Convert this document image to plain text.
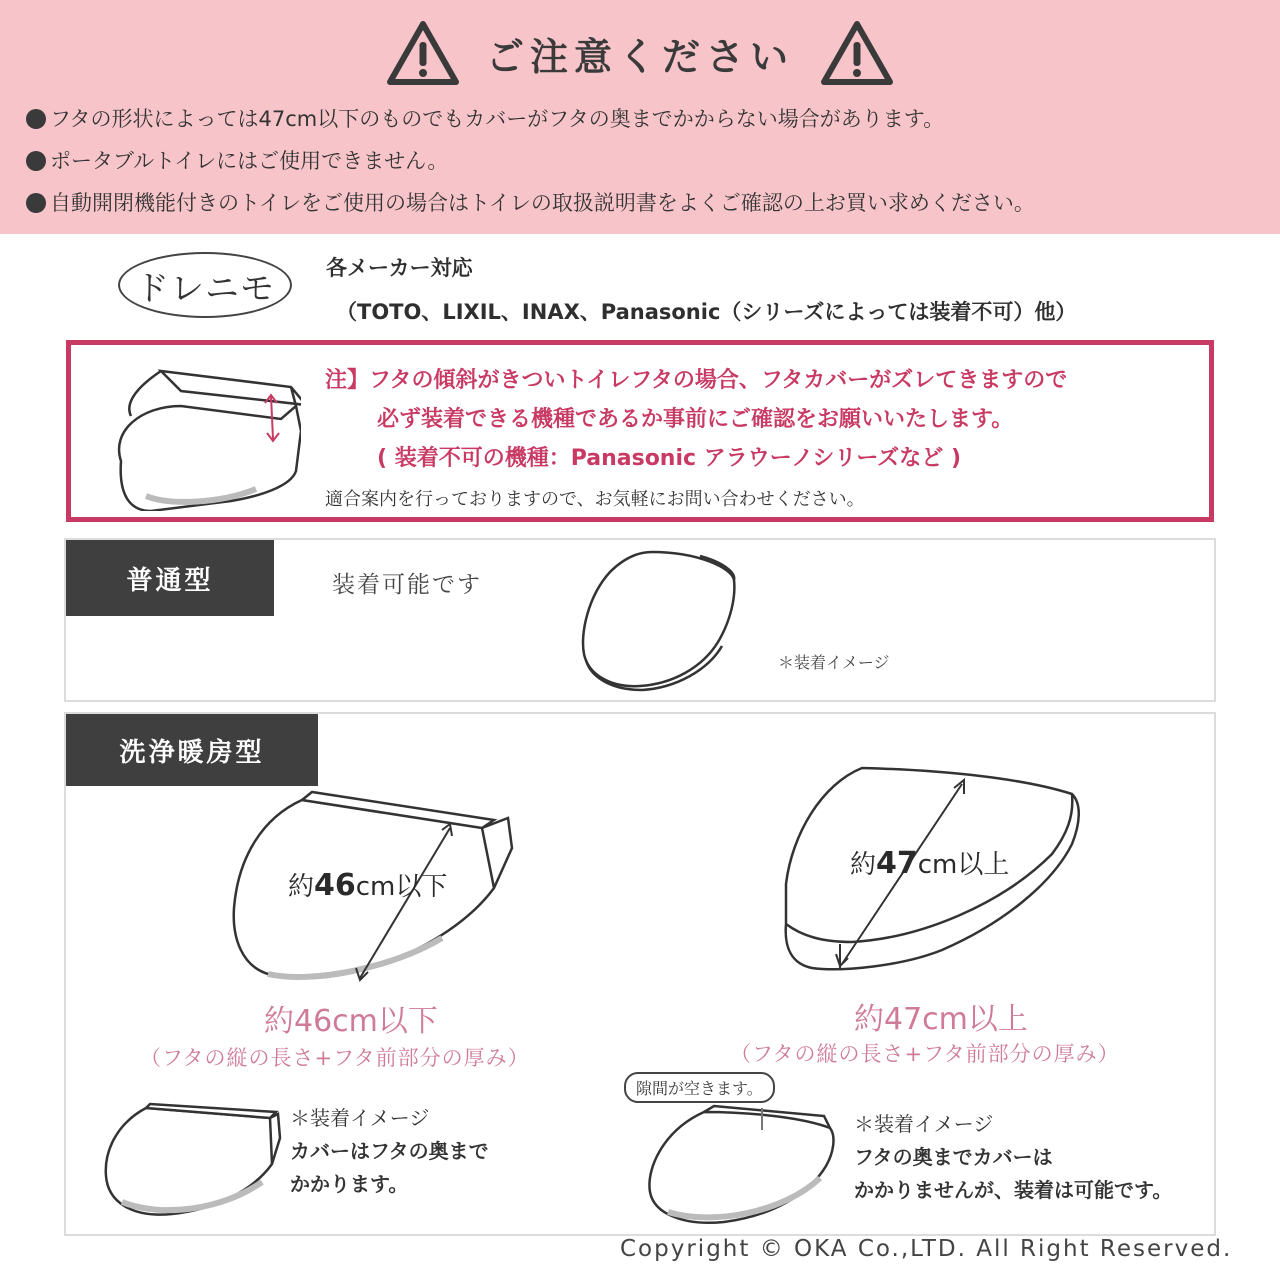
ご注意ください
フタの形状によっては47cm以下のものでもカバーがフタの奥までかからない場合があります。
ポータブルトイレにはご使用できません。
自動開閉機能付きのトイレをご使用の場合はトイレの取扱説明書をよくご確認の上お買い求めください。
ドレニモ
各メーカー対応
（TOTO、LIXIL、INAX、Panasonic（シリーズによっては装着不可）他）
注】フタの傾斜がきついトイレフタの場合、フタカバーがズレてきますので
必ず装着できる機種であるか事前にご確認をお願いいたします。
( 装着不可の機種：Panasonic アラウーノシリーズなど )
適合案内を行っておりますので、お気軽にお問い合わせください。
普通型	装着可能です
＊装着イメージ
洗浄暖房型
約46cm以下
約47cm以上
約46cm以下
（フタの縦の長さ+フタ前部分の厚み）
約47cm以上
（フタの縦の長さ+フタ前部分の厚み）
＊装着イメージ
カバーはフタの奥まで
かかります。
隙間が空きます。
＊装着イメージ
フタの奥までカバーは
かかりませんが、装着は可能です。
Copyright © OKA Co.,LTD. All Right Reserved.
